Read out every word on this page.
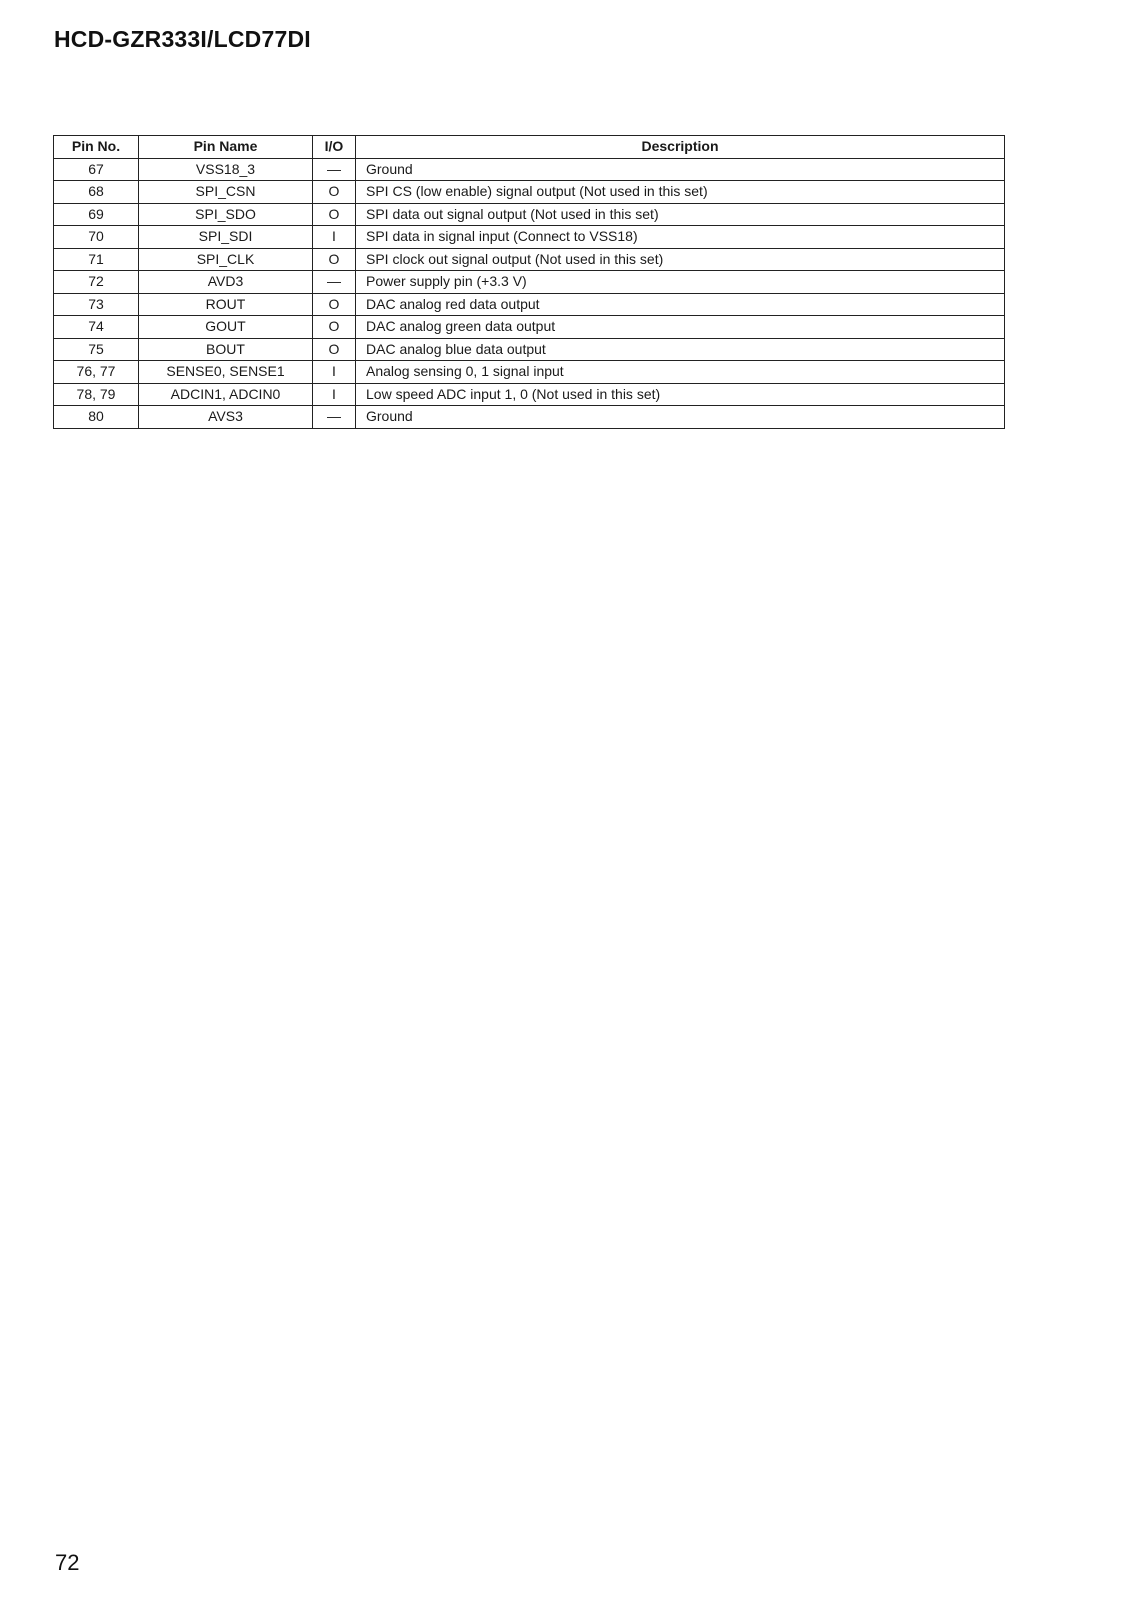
HCD-GZR333I/LCD77DI
Pin No.	Pin Name	I/O	Description
67	VSS18_3	—	Ground
68	SPI_CSN	O	SPI CS (low enable) signal output (Not used in this set)
69	SPI_SDO	O	SPI data out signal output (Not used in this set)
70	SPI_SDI	I	SPI data in signal input (Connect to VSS18)
71	SPI_CLK	O	SPI clock out signal output (Not used in this set)
72	AVD3	—	Power supply pin (+3.3 V)
73	ROUT	O	DAC analog red data output
74	GOUT	O	DAC analog green data output
75	BOUT	O	DAC analog blue data output
76, 77	SENSE0, SENSE1	I	Analog sensing 0, 1 signal input
78, 79	ADCIN1, ADCIN0	I	Low speed ADC input 1, 0 (Not used in this set)
80	AVS3	—	Ground
72
